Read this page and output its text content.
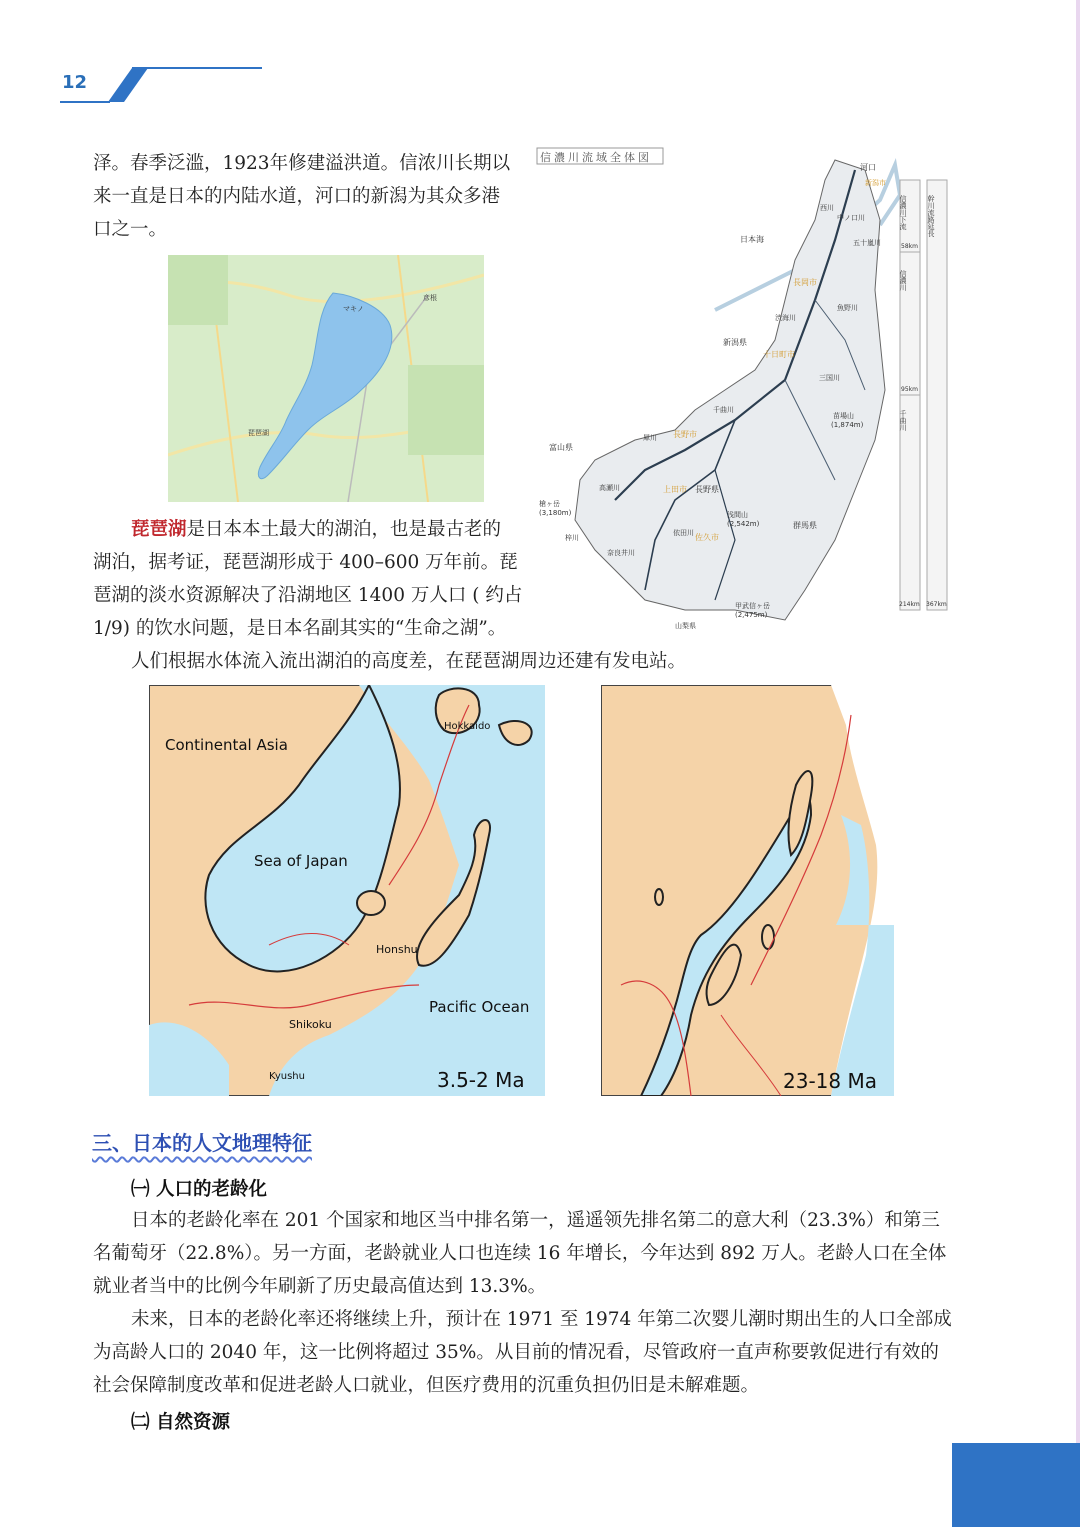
12
泽。春季泛滥，1923年修建溢洪道。信浓川长期以
来一直是日本的内陆水道，河口的新潟为其众多港
口之一。
マキノ
彦根
琵琶湖
信濃川流域全体図
河口
日本海
新潟県
長岡市
十日町市
長野市
上田市 長野県
佐久市
富山県
群馬県
浅間山
(2,542m)
甲武信ヶ岳
(2,475m)
槍ヶ岳
(3,180m)
苗場山
(1,874m)
山梨県
新潟市
西川
中ノ口川
五十嵐川
渋海川
魚野川
三国川
千曲川
犀川
高瀬川
奈良井川
梓川
依田川
信濃川下流
信濃川
千曲川
幹川流路延長
58km
95km
214km 367km
琵琶湖是日本本土最大的湖泊，也是最古老的
湖泊，据考证，琵琶湖形成于 400–600 万年前。琵
琶湖的淡水资源解决了沿湖地区 1400 万人口 ( 约占
1/9) 的饮水问题，是日本名副其实的“生命之湖”。
人们根据水体流入流出湖泊的高度差，在琵琶湖周边还建有发电站。
Continental Asia
Sea of Japan
Hokkaido
Honshu
Pacific Ocean
Shikoku
Kyushu	3.5-2 Ma	23-18 Ma
三、日本的人文地理特征
㈠ 人口的老龄化
日本的老龄化率在 201 个国家和地区当中排名第一，遥遥领先排名第二的意大利（23.3%）和第三
名葡萄牙（22.8%）。另一方面，老龄就业人口也连续 16 年增长，今年达到 892 万人。老龄人口在全体
就业者当中的比例今年刷新了历史最高值达到 13.3%。
未来，日本的老龄化率还将继续上升，预计在 1971 至 1974 年第二次婴儿潮时期出生的人口全部成
为高龄人口的 2040 年，这一比例将超过 35%。从目前的情况看，尽管政府一直声称要敦促进行有效的
社会保障制度改革和促进老龄人口就业，但医疗费用的沉重负担仍旧是未解难题。
㈡ 自然资源
